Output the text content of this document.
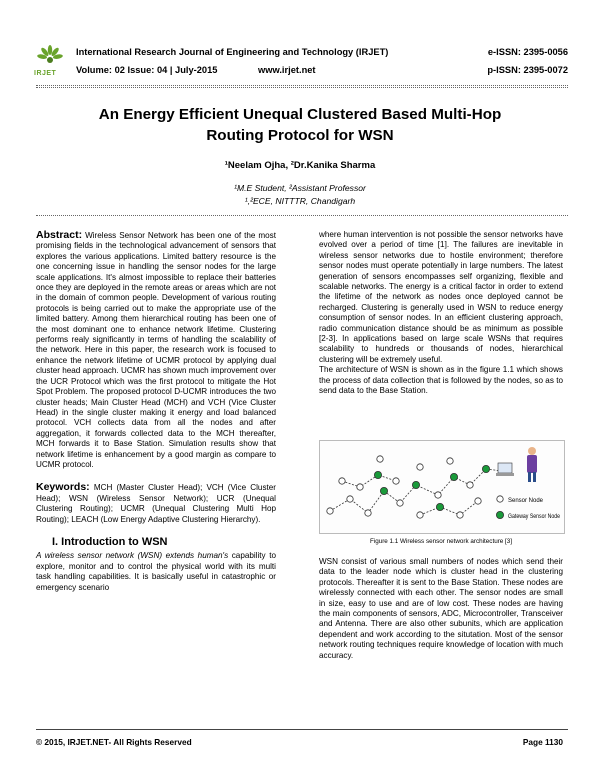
IRJET
International Research Journal of Engineering and Technology (IRJET)	e-ISSN: 2395-0056
Volume: 02 Issue: 04 | July-2015	www.irjet.net	p-ISSN: 2395-0072
An Energy Efficient Unequal Clustered Based Multi-Hop
Routing Protocol for WSN
¹Neelam Ojha, ²Dr.Kanika Sharma
¹M.E Student, ²Assistant Professor
¹,²ECE, NITTTR, Chandigarh

Abstract: Wireless Sensor Network has been one of the most promising fields in the technological advancement of sensors that explores the various applications. Limited battery resource is the one concerning issue in handling the sensor nodes for the large scale applications. It's almost impossible to replace their batteries once they are deployed in the remote areas or areas which are not in the domain of common people. Development of various routing protocols is being carried out to make the appropriate use of the limited battery. Among them hierarchical routing has been one of the most dominant one to enhance network lifetime. Clustering performs realy significantly in terms of handling the scalability of the network. Here in this paper, the research work is focused to enhance the network lifetime of UCMR protocol by applying dual cluster head approach. UCMR has shown much improvement over the UCR Protocol which was the first protocol to mitigate the Hot Spot Problem. The proposed protocol D-UCMR introduces the two cluster heads; Main Cluster Head (MCH) and VCH (Vice Cluster Head) in the single cluster making it energy and load balanced protocol. VCH collects data from all the nodes and after aggregation, it forwards collected data to the MCH thereafter, MCH forwards it to Base Station. Simulation results show that network lifetime is enhancement by a good margin as compare to UCMR protocol.

Keywords: MCH (Master Cluster Head); VCH (Vice Cluster Head); WSN (Wireless Sensor Network); UCR (Unequal Clustering Routing); UCMR (Unequal Clustering Multi Hop Routing); LEACH (Low Energy Adaptive Clustering Hierarchy).

I. Introduction to WSN

A wireless sensor network (WSN) extends human's capability to explore, monitor and to control the physical world with its multi task handling capabilities. It is basically useful in catastrophic or emergency scenario

where human intervention is not possible the sensor networks have evolved over a period of time [1]. The failures are inevitable in wireless sensor networks due to hostile environment; therefore sensor nodes must operate potentially in large numbers. The latest generation of sensors encompasses self organizing, flexible and scalable networks. The energy is a critical factor in order to extend the lifetime of the network as nodes once deployed cannot be recharged. Clustering is generally used in WSN to reduce energy consumption of sensor nodes. In an efficient clustering approach, radio communication distance should be as minimum as possible [2-3]. In applications based on large scale WSNs that requires scalability to hundreds or thousands of nodes, hierarchical clustering will be extremely useful.

The architecture of WSN is shown as in the figure 1.1 which shows the process of data collection that is followed by the nodes, so as to send data to the Base Station.

Sensor Node
Gateway Sensor Node
Figure 1.1 Wireless sensor network architecture [3]

WSN consist of various small numbers of nodes which send their data to the leader node which is cluster head in the clustering protocols. Thereafter it is sent to the Base Station. These nodes are wirelessly connected with each other. The sensor nodes are small in size, easy to use and are of low cost. These nodes are having the main components of sensors, ADC, Microcontroller, Transceiver and Antenna. There are also other subunits, which are application dependent and work according to the situtation. Most of the sensor network routing techniques require knowledge of location with much accuracy.

© 2015, IRJET.NET- All Rights Reserved	Page 1130
